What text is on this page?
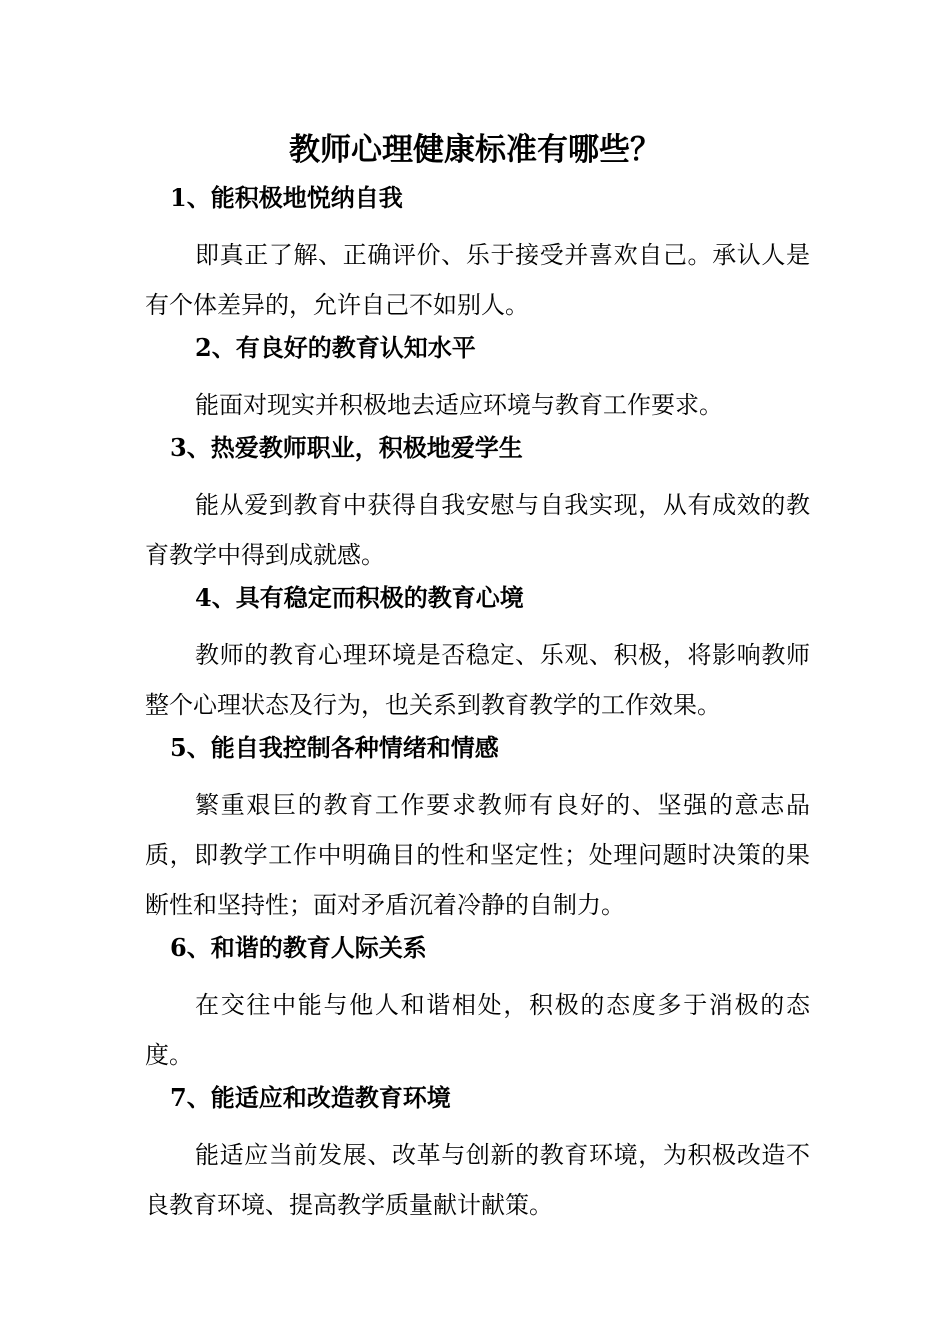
教师心理健康标准有哪些？

1、能积极地悦纳自我

即真正了解、正确评价、乐于接受并喜欢自己。承认人是有个体差异的，允许自己不如别人。

2、有良好的教育认知水平

能面对现实并积极地去适应环境与教育工作要求。

3、热爱教师职业，积极地爱学生

能从爱到教育中获得自我安慰与自我实现，从有成效的教育教学中得到成就感。

4、具有稳定而积极的教育心境

教师的教育心理环境是否稳定、乐观、积极，将影响教师整个心理状态及行为，也关系到教育教学的工作效果。

5、能自我控制各种情绪和情感

繁重艰巨的教育工作要求教师有良好的、坚强的意志品质，即教学工作中明确目的性和坚定性；处理问题时决策的果断性和坚持性；面对矛盾沉着冷静的自制力。

6、和谐的教育人际关系

在交往中能与他人和谐相处，积极的态度多于消极的态度。

7、能适应和改造教育环境

能适应当前发展、改革与创新的教育环境，为积极改造不良教育环境、提高教学质量献计献策。
